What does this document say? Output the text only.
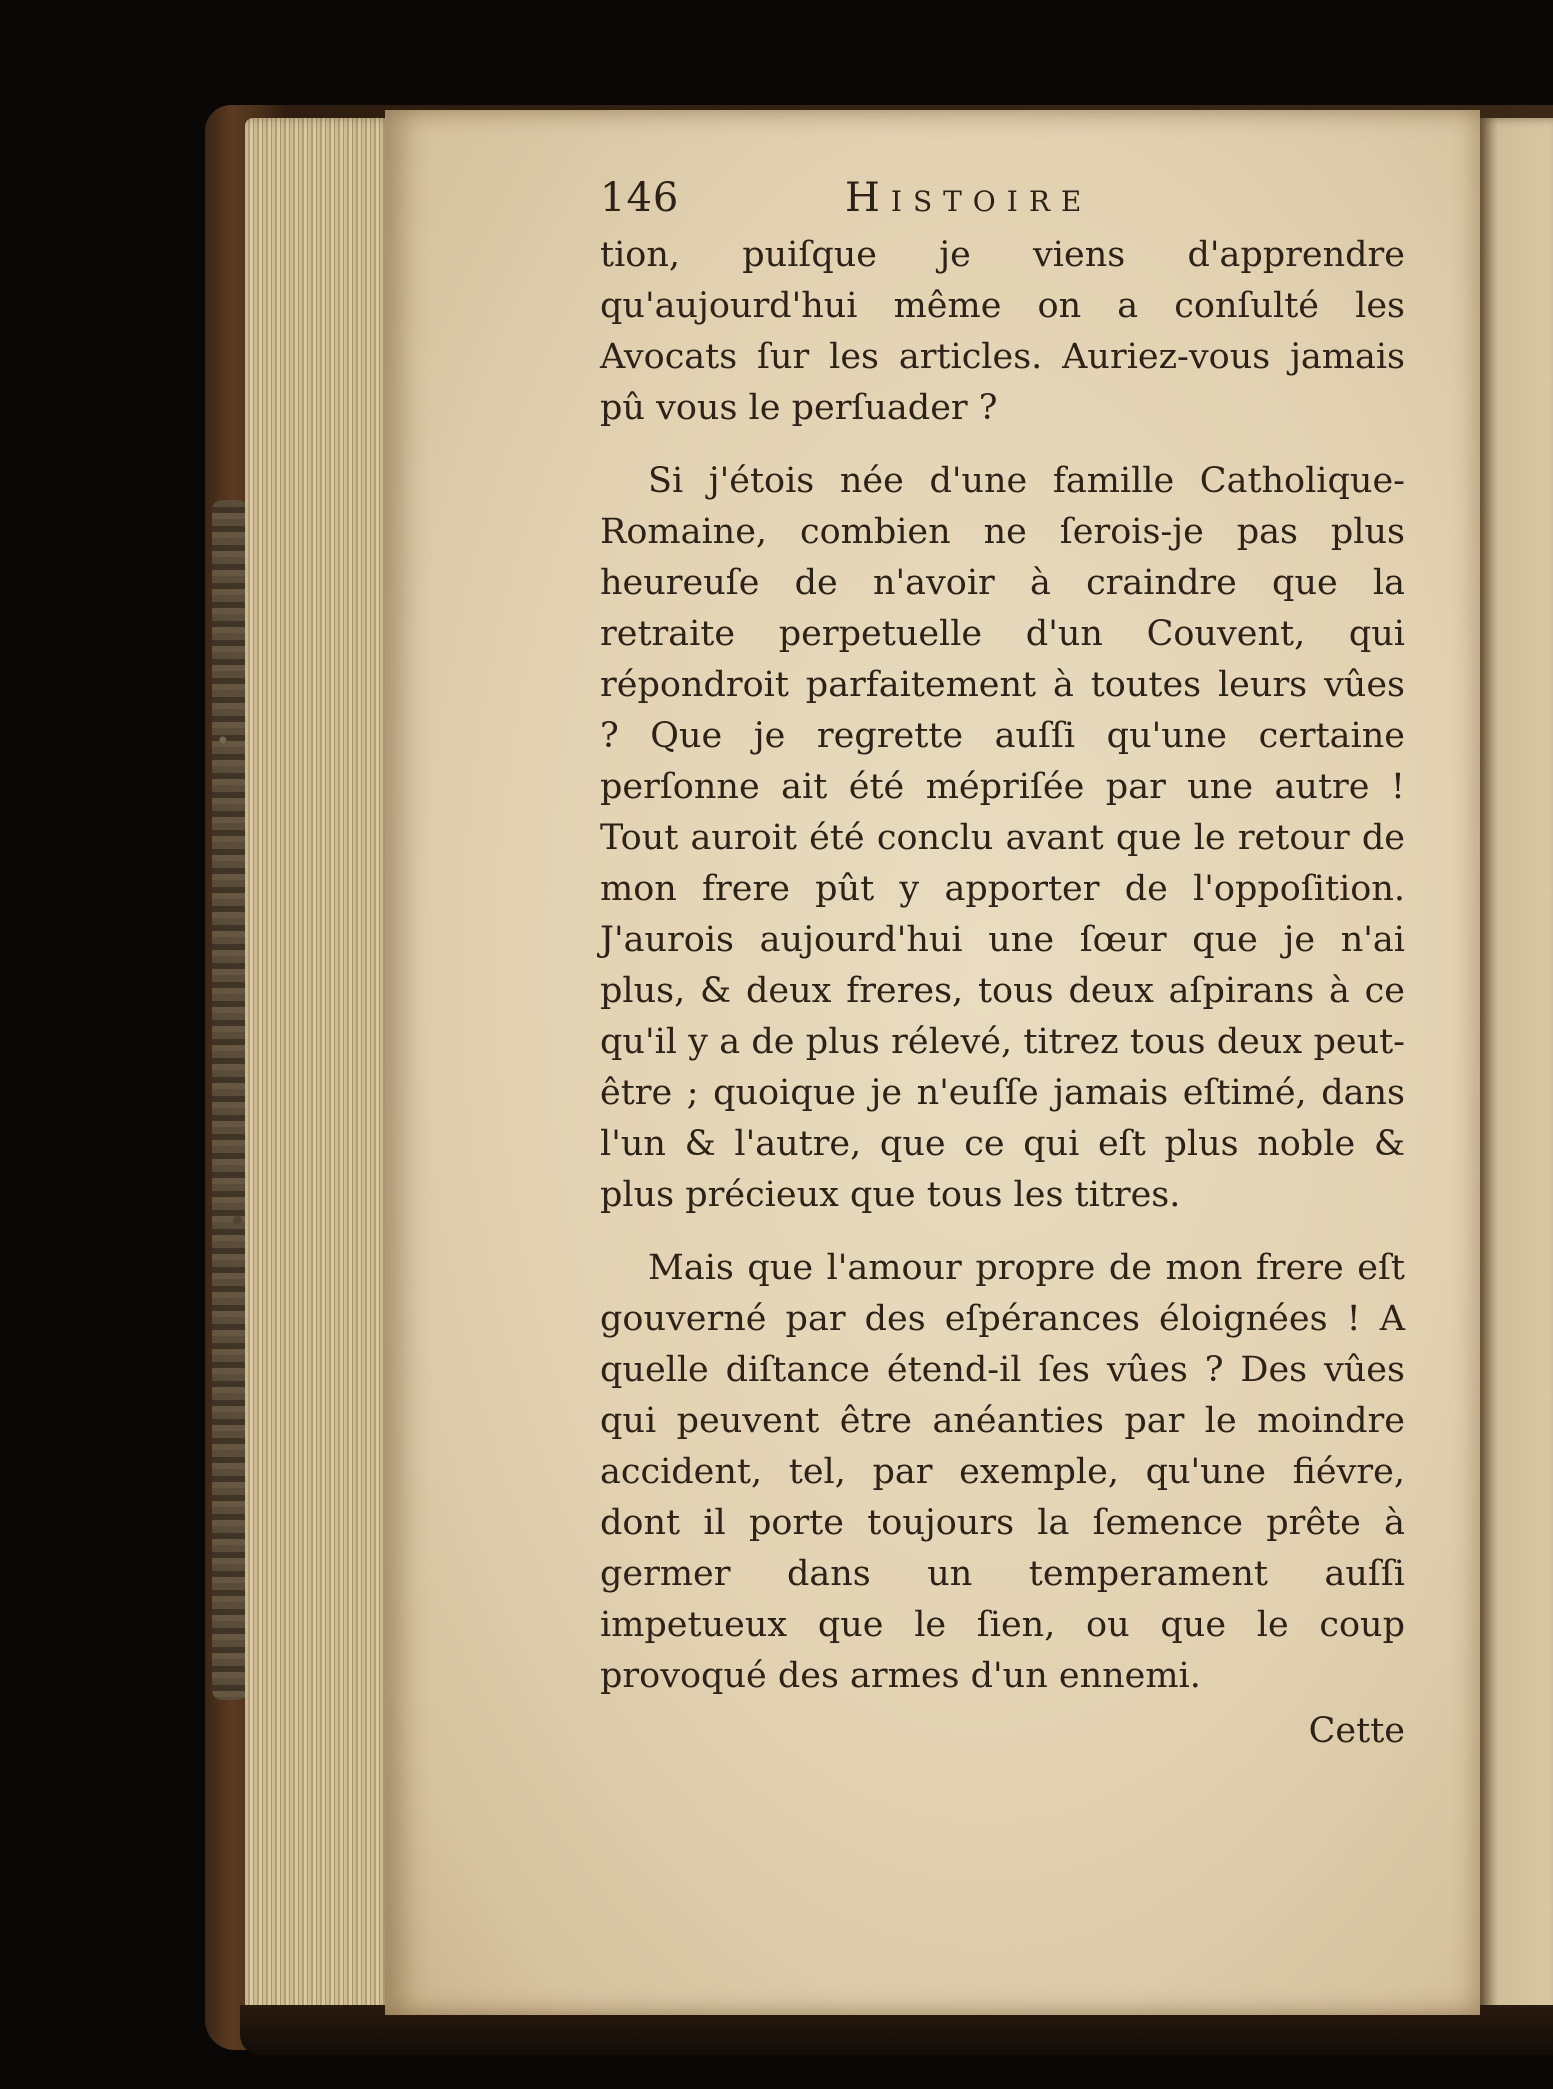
146	Histoire

tion, puiſque je viens d'apprendre qu'aujourd'hui même on a conſulté les Avocats ſur les articles. Auriez-vous jamais pû vous le perſuader ?

Si j'étois née d'une famille Catholique-Romaine, combien ne ſerois-je pas plus heureuſe de n'avoir à craindre que la retraite perpetuelle d'un Couvent, qui répondroit parfaitement à toutes leurs vûes ? Que je regrette auſſi qu'une certaine perſonne ait été mépriſée par une autre ! Tout auroit été conclu avant que le retour de mon frere pût y apporter de l'oppoſition. J'aurois aujourd'hui une ſœur que je n'ai plus, & deux freres, tous deux aſpirans à ce qu'il y a de plus rélevé, titrez tous deux peut-être ; quoique je n'euſſe jamais eſtimé, dans l'un & l'autre, que ce qui eſt plus noble & plus précieux que tous les titres.

Mais que l'amour propre de mon frere eſt gouverné par des eſpérances éloignées ! A quelle diſtance étend-il ſes vûes ? Des vûes qui peuvent être anéanties par le moindre accident, tel, par exemple, qu'une fiévre, dont il porte toujours la ſemence prête à germer dans un temperament auſſi impetueux que le ſien, ou que le coup provoqué des armes d'un ennemi.

Cette
